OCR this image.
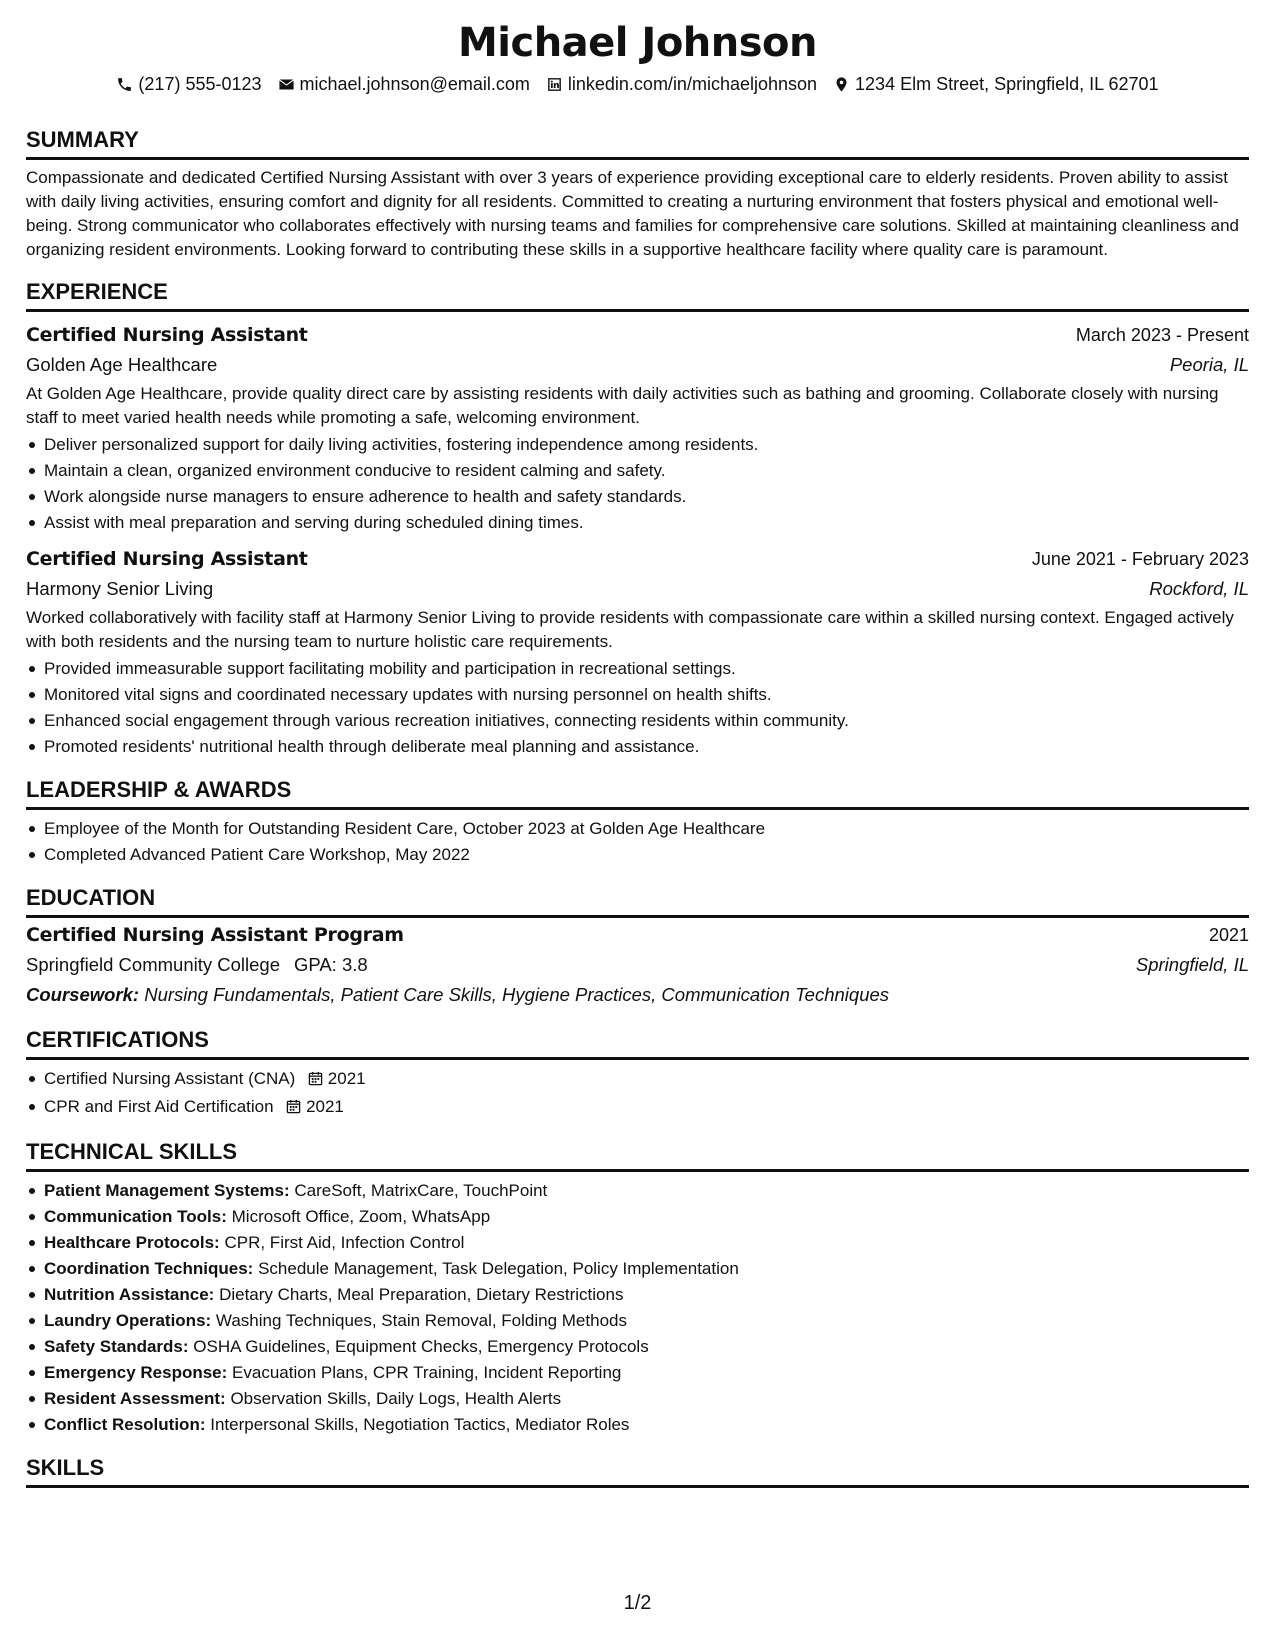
Michael Johnson
(217) 555-0123 michael.johnson@email.com linkedin.com/in/michaeljohnson 1234 Elm Street, Springfield, IL 62701
SUMMARY
Compassionate and dedicated Certified Nursing Assistant with over 3 years of experience providing exceptional care to elderly residents. Proven ability to assist with daily living activities, ensuring comfort and dignity for all residents. Committed to creating a nurturing environment that fosters physical and emotional well-being. Strong communicator who collaborates effectively with nursing teams and families for comprehensive care solutions. Skilled at maintaining cleanliness and organizing resident environments. Looking forward to contributing these skills in a supportive healthcare facility where quality care is paramount.
EXPERIENCE
Certified Nursing Assistant	March 2023 - Present
Golden Age Healthcare	Peoria, IL
At Golden Age Healthcare, provide quality direct care by assisting residents with daily activities such as bathing and grooming. Collaborate closely with nursing staff to meet varied health needs while promoting a safe, welcoming environment.
Deliver personalized support for daily living activities, fostering independence among residents.
Maintain a clean, organized environment conducive to resident calming and safety.
Work alongside nurse managers to ensure adherence to health and safety standards.
Assist with meal preparation and serving during scheduled dining times.
Certified Nursing Assistant	June 2021 - February 2023
Harmony Senior Living	Rockford, IL
Worked collaboratively with facility staff at Harmony Senior Living to provide residents with compassionate care within a skilled nursing context. Engaged actively with both residents and the nursing team to nurture holistic care requirements.
Provided immeasurable support facilitating mobility and participation in recreational settings.
Monitored vital signs and coordinated necessary updates with nursing personnel on health shifts.
Enhanced social engagement through various recreation initiatives, connecting residents within community.
Promoted residents' nutritional health through deliberate meal planning and assistance.
LEADERSHIP & AWARDS
Employee of the Month for Outstanding Resident Care, October 2023 at Golden Age Healthcare
Completed Advanced Patient Care Workshop, May 2022
EDUCATION
Certified Nursing Assistant Program	2021
Springfield Community College GPA: 3.8	Springfield, IL
Coursework: Nursing Fundamentals, Patient Care Skills, Hygiene Practices, Communication Techniques
CERTIFICATIONS
Certified Nursing Assistant (CNA) 2021
CPR and First Aid Certification 2021
TECHNICAL SKILLS
Patient Management Systems: CareSoft, MatrixCare, TouchPoint
Communication Tools: Microsoft Office, Zoom, WhatsApp
Healthcare Protocols: CPR, First Aid, Infection Control
Coordination Techniques: Schedule Management, Task Delegation, Policy Implementation
Nutrition Assistance: Dietary Charts, Meal Preparation, Dietary Restrictions
Laundry Operations: Washing Techniques, Stain Removal, Folding Methods
Safety Standards: OSHA Guidelines, Equipment Checks, Emergency Protocols
Emergency Response: Evacuation Plans, CPR Training, Incident Reporting
Resident Assessment: Observation Skills, Daily Logs, Health Alerts
Conflict Resolution: Interpersonal Skills, Negotiation Tactics, Mediator Roles
SKILLS
1/2
